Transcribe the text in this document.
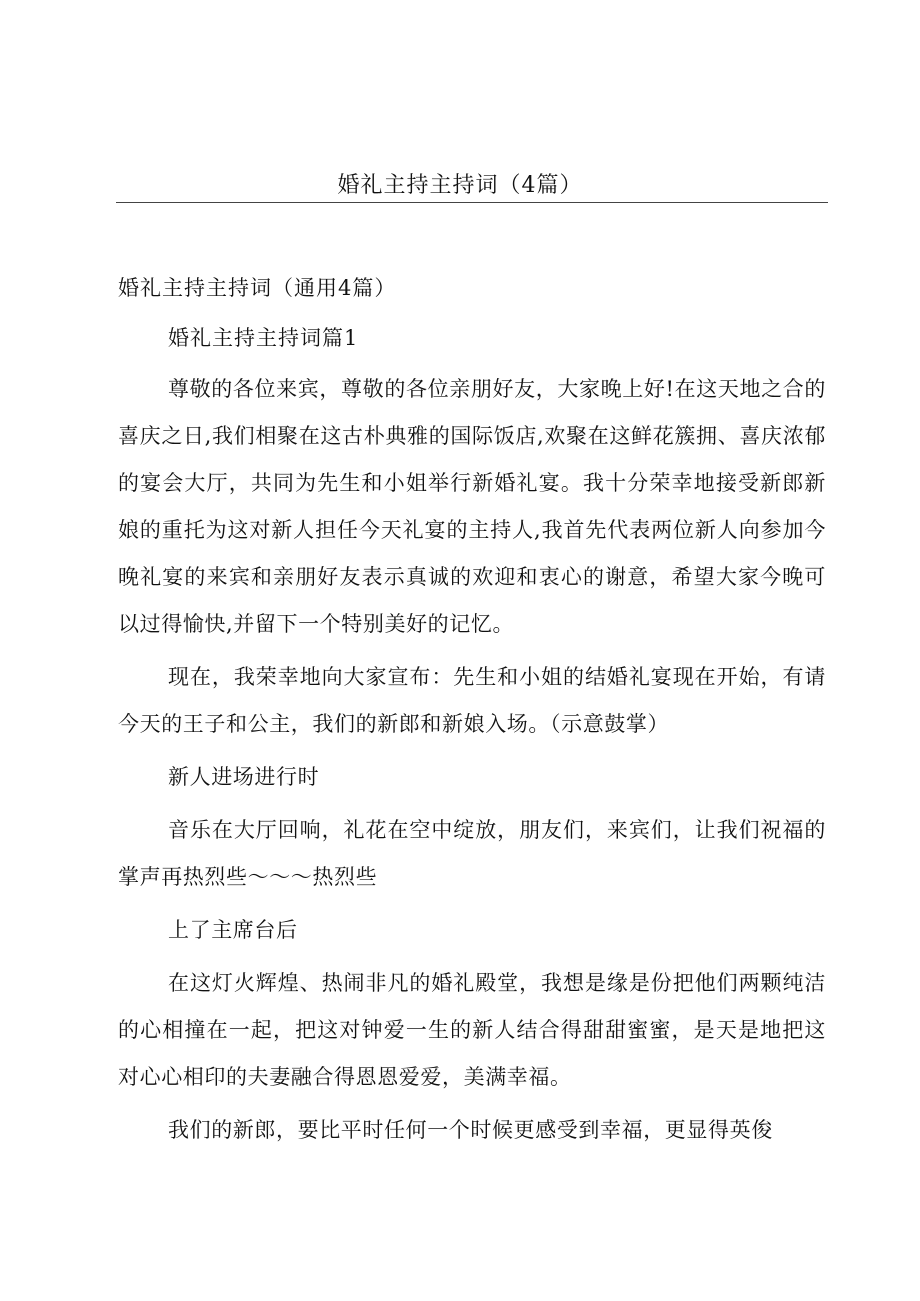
婚礼主持主持词（4篇）
婚礼主持主持词（通用4篇）
婚礼主持主持词篇1

尊敬的各位来宾，尊敬的各位亲朋好友，大家晚上好!在这天地之合的喜庆之日,我们相聚在这古朴典雅的国际饭店,欢聚在这鲜花簇拥、喜庆浓郁的宴会大厅，共同为先生和小姐举行新婚礼宴。我十分荣幸地接受新郎新娘的重托为这对新人担任今天礼宴的主持人,我首先代表两位新人向参加今晚礼宴的来宾和亲朋好友表示真诚的欢迎和衷心的谢意，希望大家今晚可以过得愉快,并留下一个特别美好的记忆。

现在，我荣幸地向大家宣布：先生和小姐的结婚礼宴现在开始，有请今天的王子和公主，我们的新郎和新娘入场。（示意鼓掌）

新人进场进行时

音乐在大厅回响，礼花在空中绽放，朋友们，来宾们，让我们祝福的掌声再热烈些～～～热烈些

上了主席台后

在这灯火辉煌、热闹非凡的婚礼殿堂，我想是缘是份把他们两颗纯洁的心相撞在一起，把这对钟爱一生的新人结合得甜甜蜜蜜，是天是地把这对心心相印的夫妻融合得恩恩爱爱，美满幸福。

我们的新郎，要比平时任何一个时候更感受到幸福，更显得英俊
